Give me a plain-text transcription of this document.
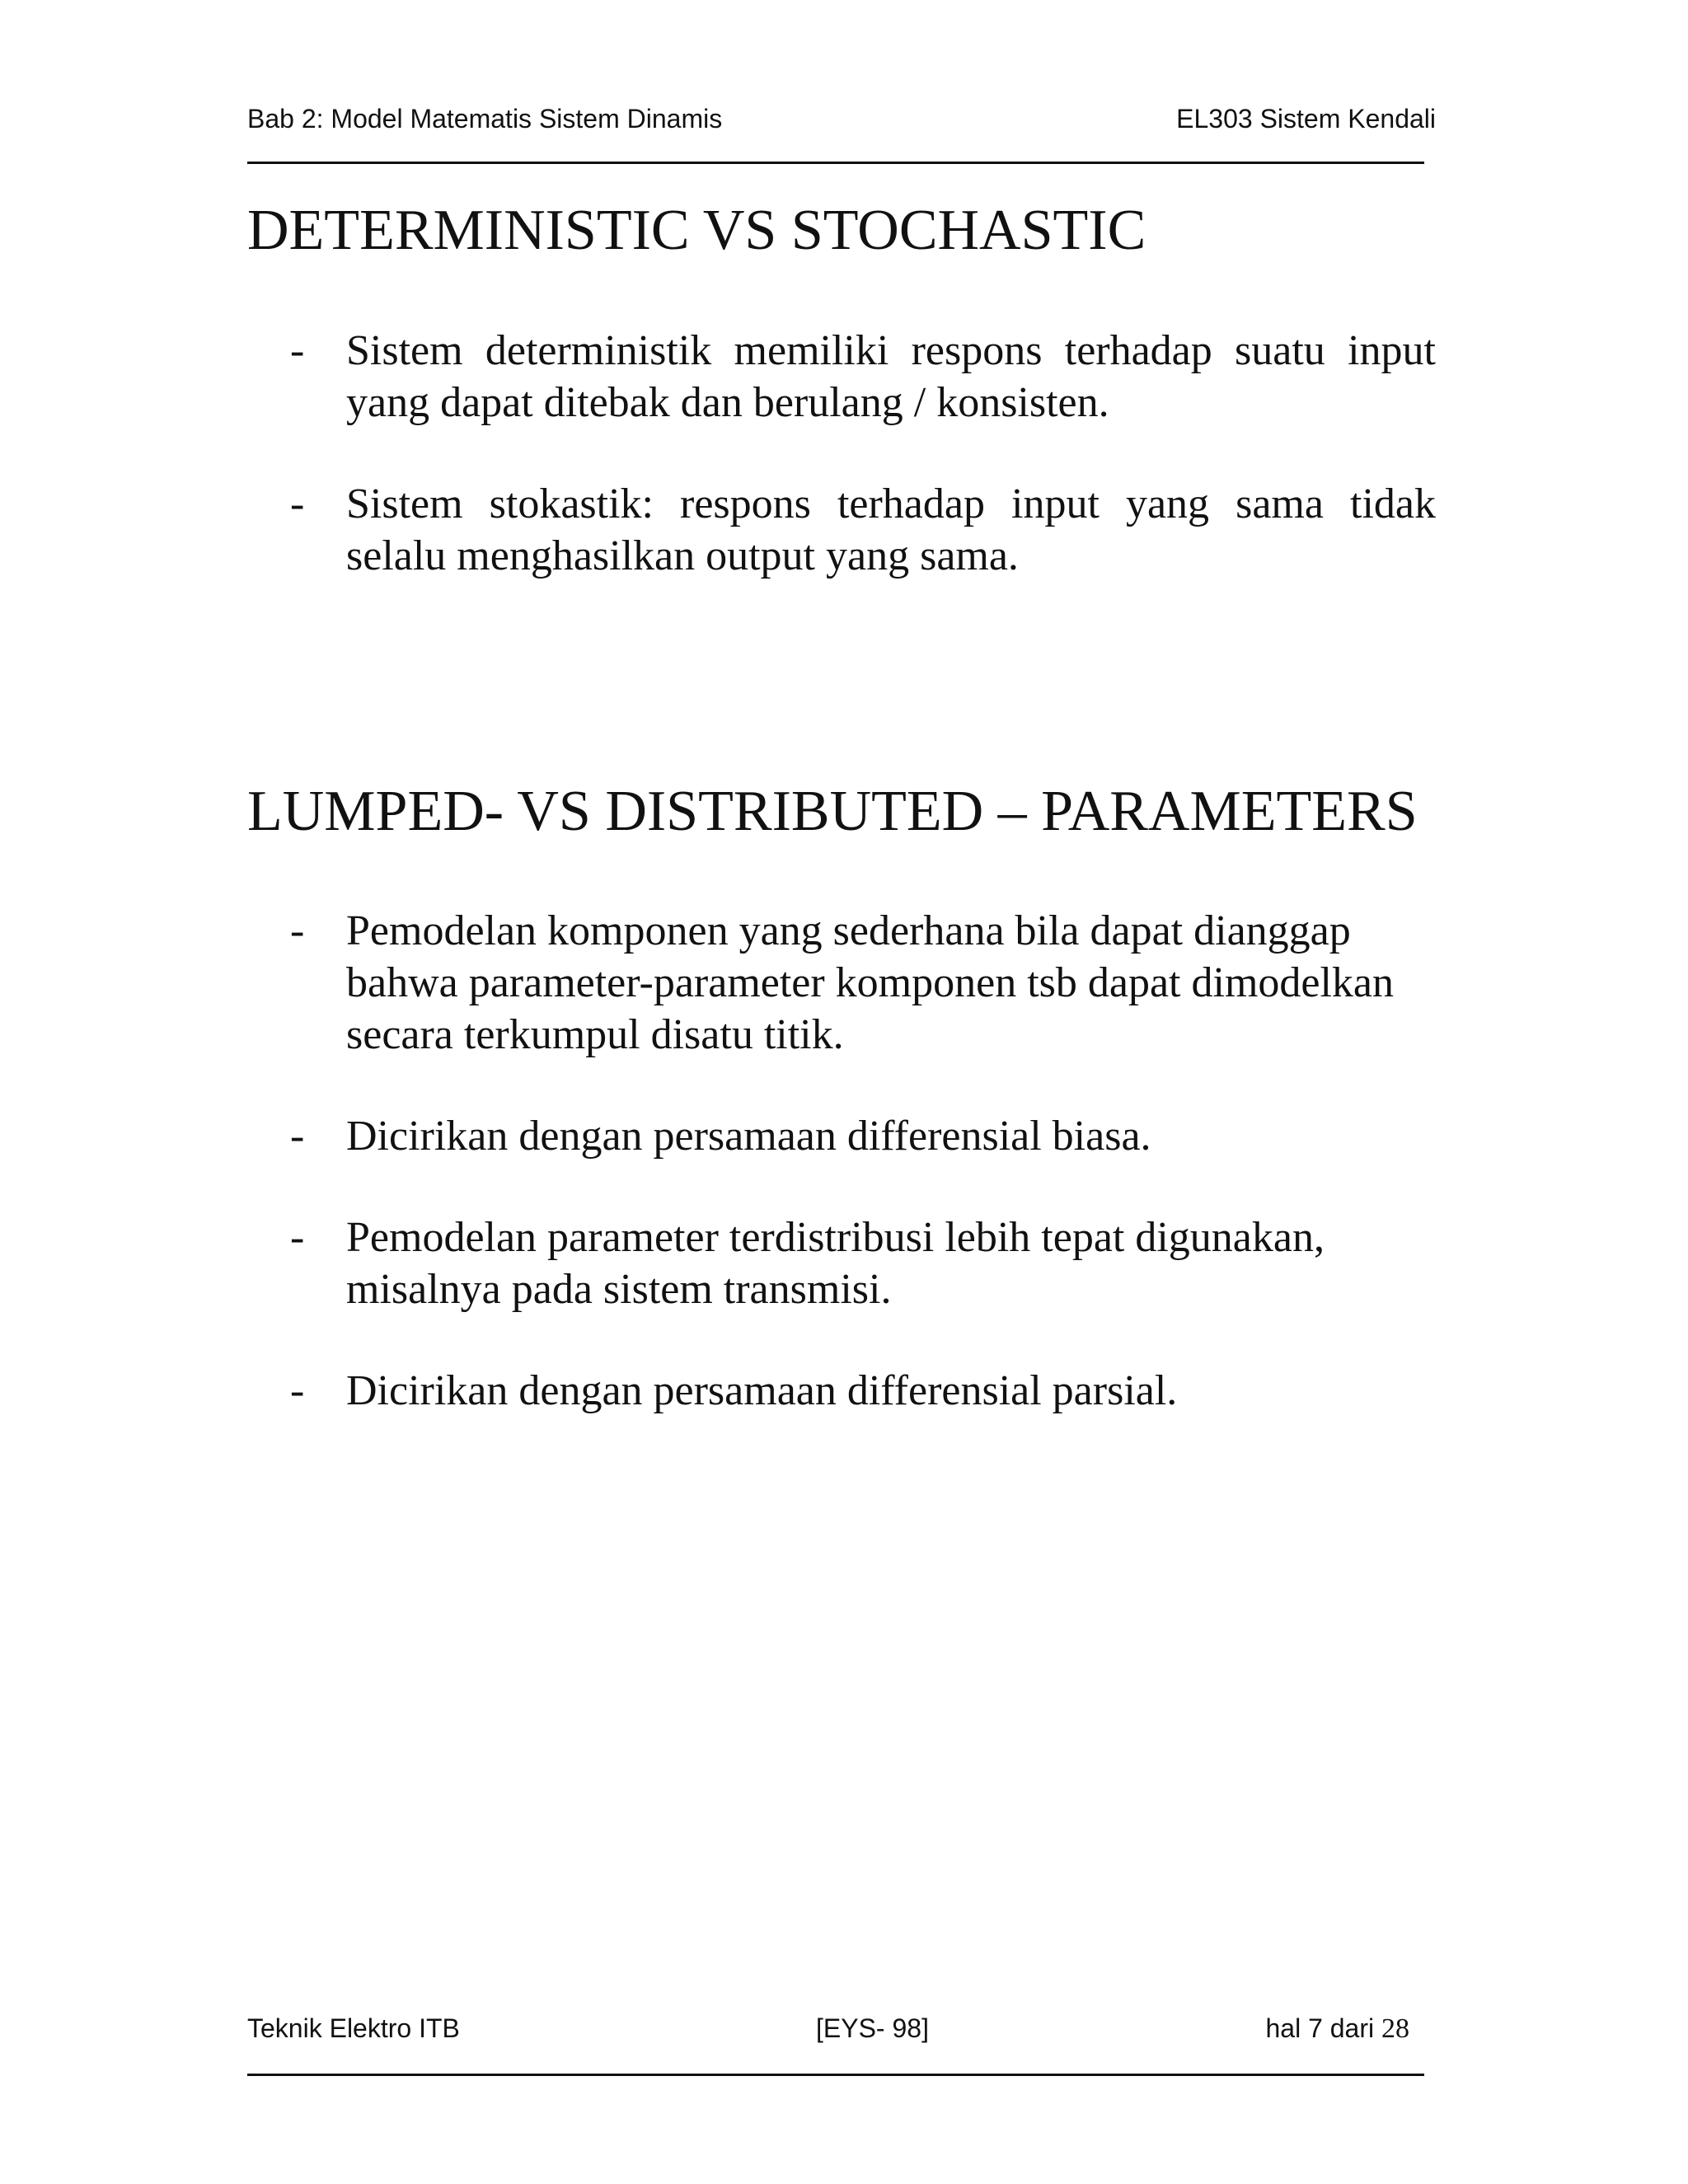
Bab 2: Model Matematis Sistem Dinamis	EL303 Sistem Kendali
DETERMINISTIC VS STOCHASTIC
- Sistem deterministik memiliki respons terhadap suatu input yang dapat ditebak dan berulang / konsisten.
- Sistem stokastik: respons terhadap input yang sama tidak selalu menghasilkan output yang sama.
LUMPED- VS DISTRIBUTED – PARAMETERS
- Pemodelan komponen yang sederhana bila dapat dianggap bahwa parameter-parameter komponen tsb dapat dimodelkan secara terkumpul disatu titik.
- Dicirikan dengan persamaan differensial biasa.
- Pemodelan parameter terdistribusi lebih tepat digunakan, misalnya pada sistem transmisi.
- Dicirikan dengan persamaan differensial parsial.
Teknik Elektro ITB	[EYS- 98]	hal 7 dari 28
